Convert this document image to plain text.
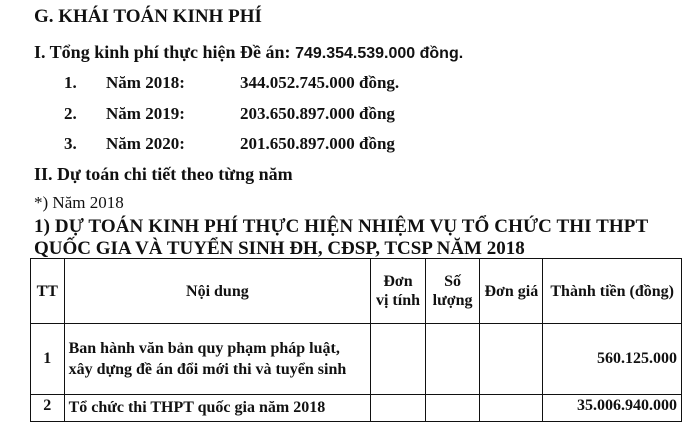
G. KHÁI TOÁN KINH PHÍ
I. Tổng kinh phí thực hiện Đề án: 749.354.539.000 đồng.
1. Năm 2018:	344.052.745.000 đồng.
2. Năm 2019:	203.650.897.000 đồng
3. Năm 2020:	201.650.897.000 đồng
II. Dự toán chi tiết theo từng năm
*) Năm 2018
1) DỰ TOÁN KINH PHÍ THỰC HIỆN NHIỆM VỤ TỔ CHỨC THI THPT
QUỐC GIA VÀ TUYỂN SINH ĐH, CĐSP, TCSP NĂM 2018
TT	Nội dung	Đơn vị tính	Số lượng	Đơn giá	Thành tiền (đồng)
1	Ban hành văn bản quy phạm pháp luật, xây dựng đề án đổi mới thi và tuyển sinh				560.125.000
2	Tổ chức thi THPT quốc gia năm 2018				35.006.940.000
